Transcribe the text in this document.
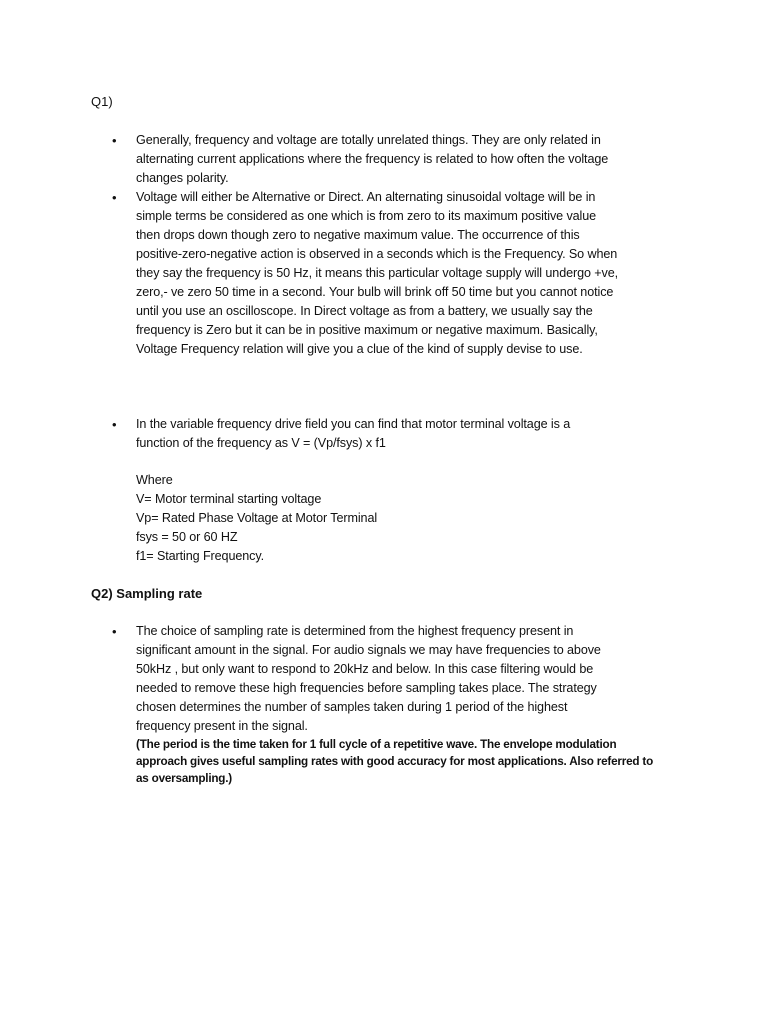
Q1)
•	Generally, frequency and voltage are totally unrelated things. They are only related in
alternating current applications where the frequency is related to how often the voltage
changes polarity.
•	Voltage will either be Alternative or Direct. An alternating sinusoidal voltage will be in
simple terms be considered as one which is from zero to its maximum positive value
then drops down though zero to negative maximum value. The occurrence of this
positive-zero-negative action is observed in a seconds which is the Frequency. So when
they say the frequency is 50 Hz, it means this particular voltage supply will undergo +ve,
zero,- ve zero 50 time in a second. Your bulb will brink off 50 time but you cannot notice
until you use an oscilloscope. In Direct voltage as from a battery, we usually say the
frequency is Zero but it can be in positive maximum or negative maximum. Basically,
Voltage Frequency relation will give you a clue of the kind of supply devise to use.
•	In the variable frequency drive field you can find that motor terminal voltage is a
function of the frequency as V = (Vp/fsys) x f1
Where
V= Motor terminal starting voltage
Vp= Rated Phase Voltage at Motor Terminal
fsys = 50 or 60 HZ
f1= Starting Frequency.
Q2) Sampling rate
•	The choice of sampling rate is determined from the highest frequency present in
significant amount in the signal. For audio signals we may have frequencies to above
50kHz , but only want to respond to 20kHz and below. In this case filtering would be
needed to remove these high frequencies before sampling takes place. The strategy
chosen determines the number of samples taken during 1 period of the highest
frequency present in the signal.
(The period is the time taken for 1 full cycle of a repetitive wave. The envelope modulation
approach gives useful sampling rates with good accuracy for most applications. Also referred to
as oversampling.)
